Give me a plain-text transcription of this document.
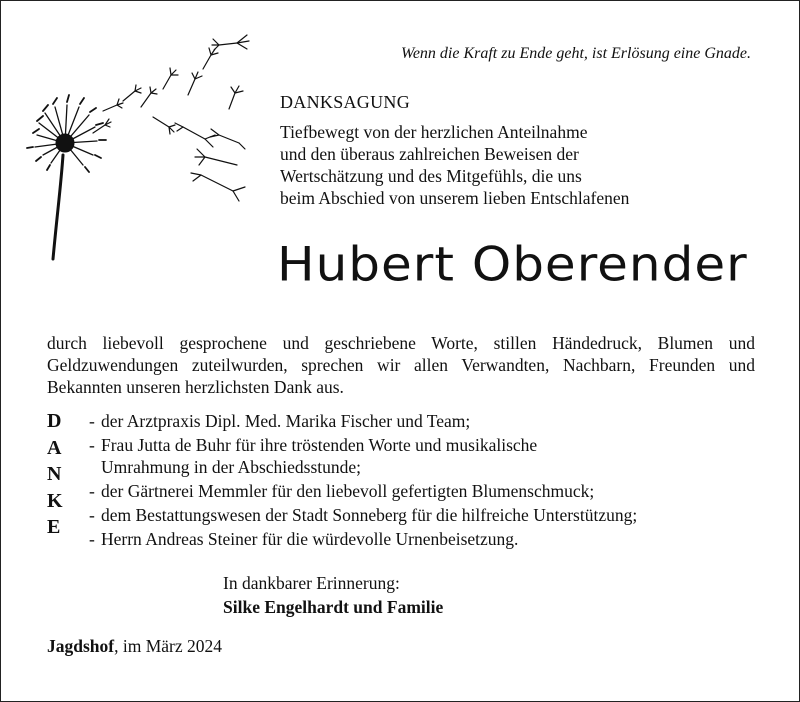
Wenn die Kraft zu Ende geht, ist Erlösung eine Gnade.
DANKSAGUNG
Tiefbewegt von der herzlichen Anteilnahme
und den überaus zahlreichen Beweisen der
Wertschätzung und des Mitgefühls, die uns
beim Abschied von unserem lieben Entschlafenen
Hubert Oberender
durch liebevoll gesprochene und geschriebene Worte, stillen Händedruck, Blumen und Geldzuwendungen zuteilwurden, sprechen wir allen Verwandten, Nachbarn, Freunden und Bekannten unseren herzlichsten Dank aus.
D
A
N
K
E
- der Arztpraxis Dipl. Med. Marika Fischer und Team;
- Frau Jutta de Buhr für ihre tröstenden Worte und musikalische
Umrahmung in der Abschiedsstunde;
- der Gärtnerei Memmler für den liebevoll gefertigten Blumenschmuck;
- dem Bestattungswesen der Stadt Sonneberg für die hilfreiche Unterstützung;
- Herrn Andreas Steiner für die würdevolle Urnenbeisetzung.
In dankbarer Erinnerung:
Silke Engelhardt und Familie
Jagdshof, im März 2024
